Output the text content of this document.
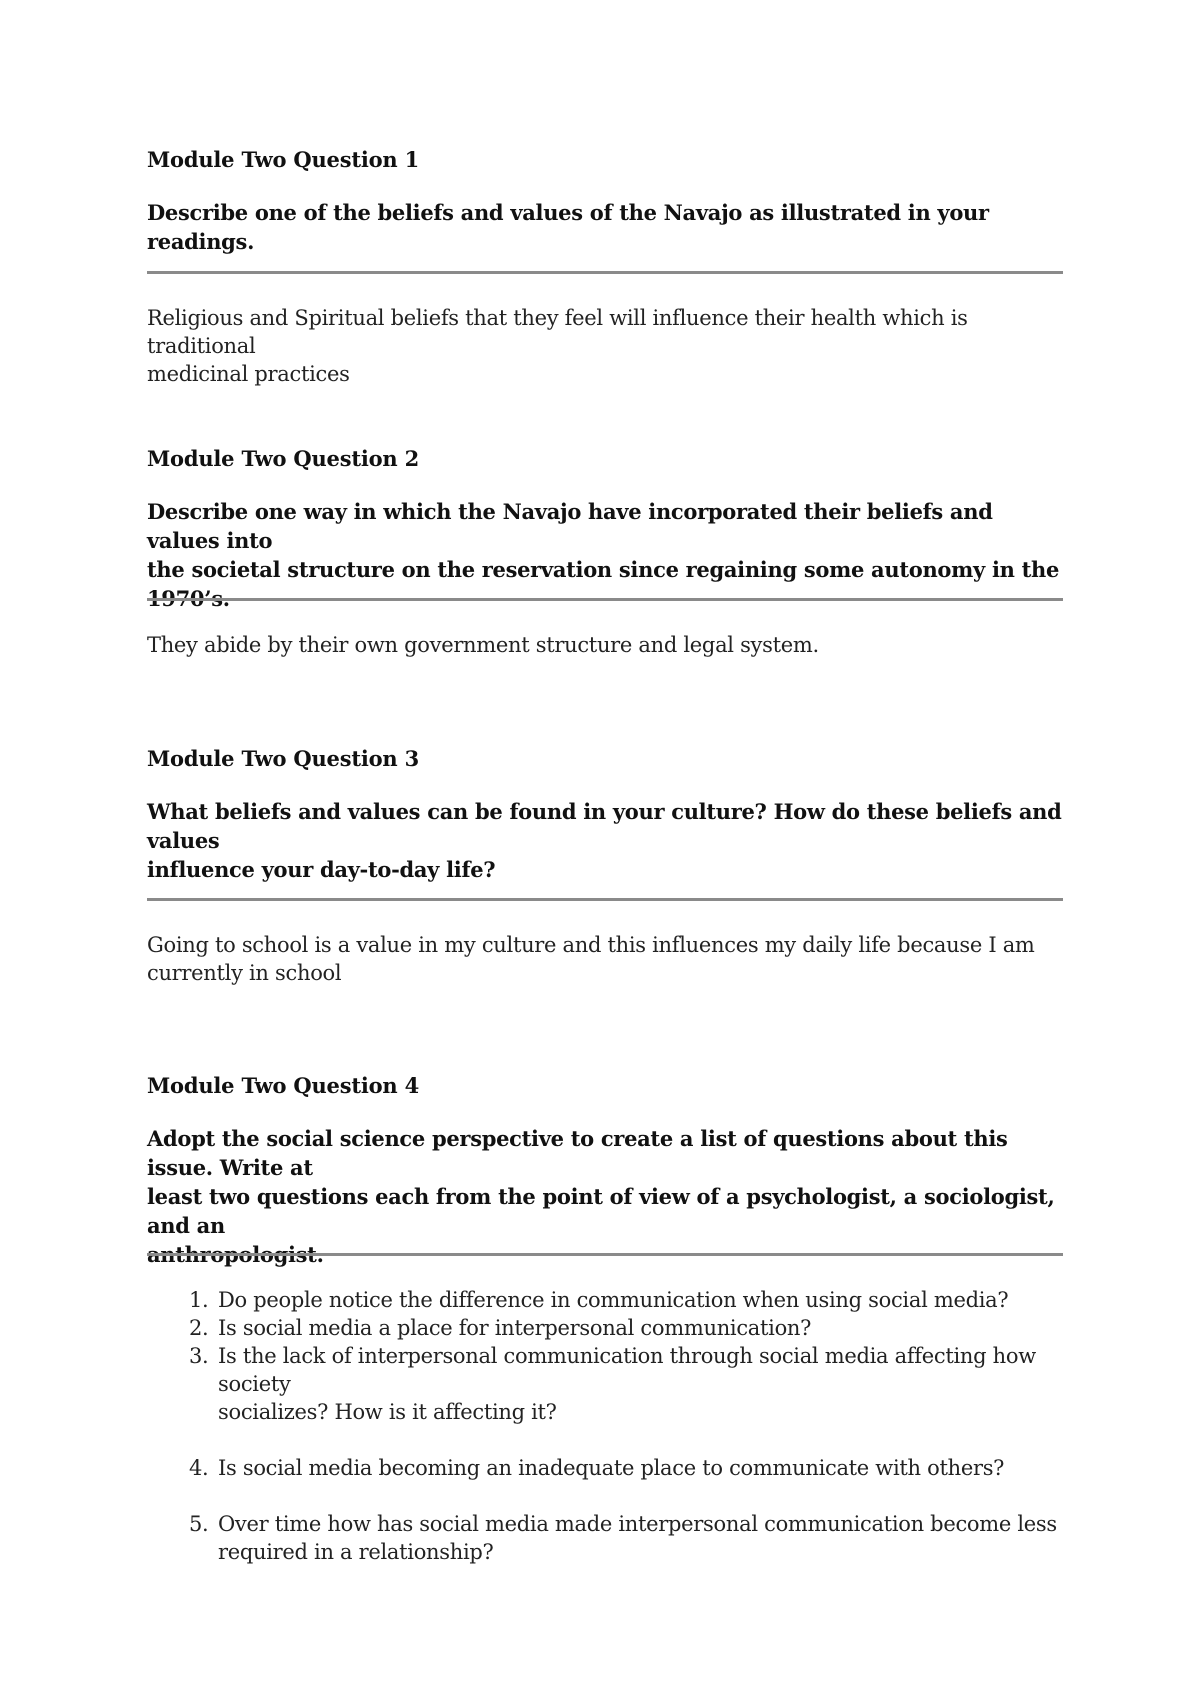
Module Two Question 1

Describe one of the beliefs and values of the Navajo as illustrated in your readings.

Religious and Spiritual beliefs that they feel will influence their health which is traditional
medicinal practices

Module Two Question 2

Describe one way in which the Navajo have incorporated their beliefs and values into
the societal structure on the reservation since regaining some autonomy in the 1970’s.

They abide by their own government structure and legal system.

Module Two Question 3

What beliefs and values can be found in your culture? How do these beliefs and values
influence your day-to-day life?

Going to school is a value in my culture and this influences my daily life because I am
currently in school

Module Two Question 4

Adopt the social science perspective to create a list of questions about this issue. Write at
least two questions each from the point of view of a psychologist, a sociologist, and an
anthropologist.

1. Do people notice the difference in communication when using social media?
2. Is social media a place for interpersonal communication?
3. Is the lack of interpersonal communication through social media affecting how society
socializes? How is it affecting it?
4. Is social media becoming an inadequate place to communicate with others?
5. Over time how has social media made interpersonal communication become less
required in a relationship?
